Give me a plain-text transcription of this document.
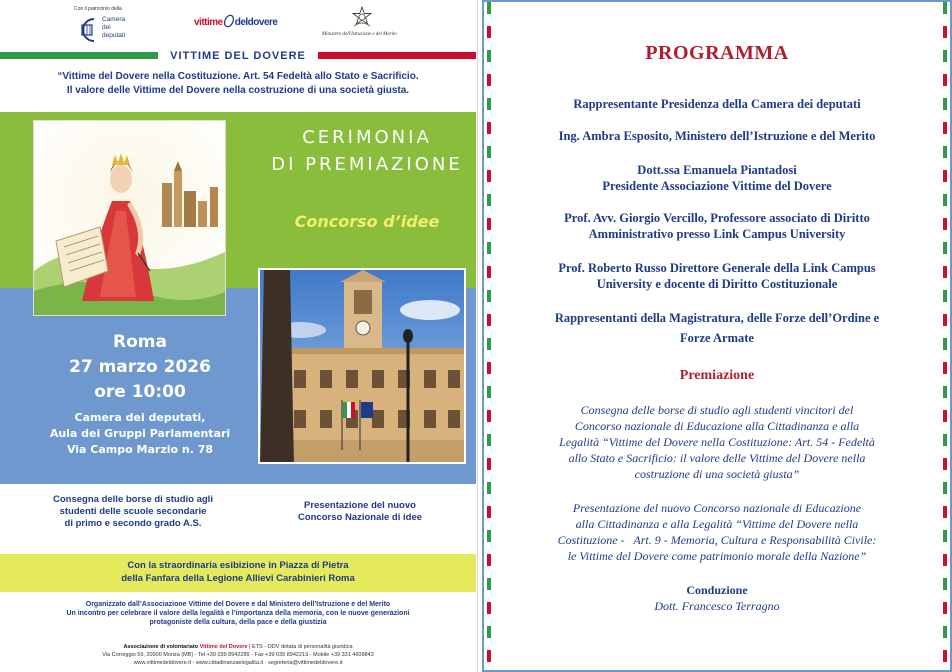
Con il patrocinio della
Camera
dei
deputati
vittime deldovere
Ministero dell'Istruzione e del Merito
VITTIME DEL DOVERE
“Vittime del Dovere nella Costituzione. Art. 54 Fedeltà allo Stato e Sacrificio.
Il valore delle Vittime del Dovere nella costruzione di una società giusta.
CERIMONIA
DI PREMIAZIONE
Concorso d’idee
Roma
27 marzo 2026
ore 10:00
Camera dei deputati,
Aula dei Gruppi Parlamentari
Via Campo Marzio n. 78
Consegna delle borse di studio agli
studenti delle scuole secondarie
di primo e secondo grado A.S.
Presentazione del nuovo
Concorso Nazionale di idee
Con la straordinaria esibizione in Piazza di Pietra
della Fanfara della Legione Allievi Carabinieri Roma
Organizzato dall’Associazione Vittime del Dovere e dal Ministero dell’Istruzione e del Merito
Un incontro per celebrare il valore della legalità e l’importanza della memoria, con le nuove generazioni
protagoniste della cultura, della pace e della giustizia
Associazione di volontariato Vittime del Dovere | ETS - ODV dotata di personalità giuridica
Via Correggio 59, 20900 Monza (MB) - Tel +39 039 8942289 - Fax +39 039 8942219 - Mobile +39 331 4609843
www.vittimedeldovere.it - www.cittadinanzaelegalita.it - segreteria@vittimedeldovere.it
PROGRAMMA
Rappresentante Presidenza della Camera dei deputati
Ing. Ambra Esposito, Ministero dell’Istruzione e del Merito
Dott.ssa Emanuela Piantadosi
Presidente Associazione Vittime del Dovere
Prof. Avv. Giorgio Vercillo, Professore associato di Diritto
Amministrativo presso Link Campus University
Prof. Roberto Russo Direttore Generale della Link Campus
University e docente di Diritto Costituzionale
Rappresentanti della Magistratura, delle Forze dell’Ordine e
Forze Armate
Premiazione
Consegna delle borse di studio agli studenti vincitori del
Concorso nazionale di Educazione alla Cittadinanza e alla
Legalità “Vittime del Dovere nella Costituzione: Art. 54 - Fedeltà
allo Stato e Sacrificio: il valore delle Vittime del Dovere nella
costruzione di una società giusta”
Presentazione del nuovo Concorso nazionale di Educazione
alla Cittadinanza e alla Legalità “Vittime del Dovere nella
Costituzione -   Art. 9 - Memoria, Cultura e Responsabilità Civile:
le Vittime del Dovere come patrimonio morale della Nazione”
Conduzione
Dott. Francesco Terragno
